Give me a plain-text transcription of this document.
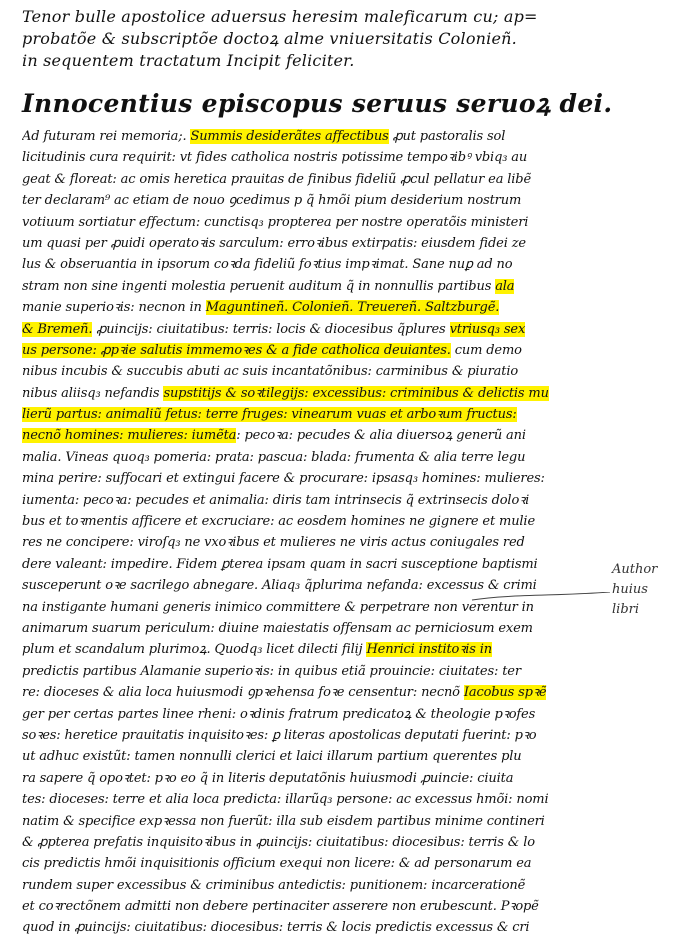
Tenor bulle apostolice aduersus heresim maleficarum cu; ap=
probatõe & subscriptõe doctoꝝ alme vniuersitatis Colonieñ.
in sequentem tractatum Incipit feliciter.
Innocentius episcopus seruus seruoꝝ dei.
Ad futuram rei memoria;. Summis desiderãtes affectibus ꝓut pastoralis sol
licitudinis cura requirit: vt fides catholica nostris potissime tempoꝛibꝰ vbiq₃ au
geat & floreat: ac omis heretica prauitas de finibus fideliũ ꝓcul pellatur ea libẽ
ter declaram⁹ ac etiam de nouo ꝯcedimus p q̃ hmõi pium desiderium nostrum
votiuum sortiatur effectum: cunctisq₃ propterea per nostre operatõis ministeri
um quasi per ꝓuidi operatoꝛis sarculum: erroꝛibus extirpatis: eiusdem fidei ze
lus & obseruantia in ipsorum coꝛda fideliũ foꝛtius impꝛimat. Sane nuꝑ ad no
stram non sine ingenti molestia peruenit auditum q̃ in nonnullis partibus ala
manie superioꝛis: necnon in Maguntineñ. Colonieñ. Treuereñ. Saltzburgẽ.
& Bremeñ. ꝓuincijs: ciuitatibus: terris: locis & diocesibus q̃plures vtriusq₃ sex
us persone: ꝓpꝛie salutis immemoꝛes & a fide catholica deuiantes. cum demo
nibus incubis & succubis abuti ac suis incantatõnibus: carminibus & piuratio
nibus aliisq₃ nefandis supstitijs & soꝛtilegijs: excessibus: criminibus & delictis mu
lierũ partus: animaliũ fetus: terre fruges: vinearum vuas et arboꝛum fructus:
necnõ homines: mulieres: iumẽta: pecoꝛa: pecudes & alia diuersoꝝ generũ ani
malia. Vineas quoq₃ pomeria: prata: pascua: blada: frumenta & alia terre legu
mina perire: suffocari et extingui facere & procurare: ipsasq₃ homines: mulieres:
iumenta: pecoꝛa: pecudes et animalia: diris tam intrinsecis q̃ extrinsecis doloꝛi
bus et toꝛmentis afficere et excruciare: ac eosdem homines ne gignere et mulie
res ne concipere: viroſq₃ ne vxoꝛibus et mulieres ne viris actus coniugales red
dere valeant: impedire. Fidem ꝑterea ipsam quam in sacri susceptione baptismi
susceperunt oꝛe sacrilego abnegare. Aliaq₃ q̃plurima nefanda: excessus & crimi
na instigante humani generis inimico committere & perpetrare non verentur in
animarum suarum periculum: diuine maiestatis offensam ac perniciosum exem
plum et scandalum plurimoꝝ. Quodq₃ licet dilecti filij Henrici institoꝛis in
predictis partibus Alamanie superioꝛis: in quibus etiã prouincie: ciuitates: ter
re: dioceses & alia loca huiusmodi ꝯpꝛehensa foꝛe censentur: necnõ Iacobus spꝛẽ
ger per certas partes linee rheni: oꝛdinis fratrum predicatoꝝ & theologie pꝛofes
soꝛes: heretice prauitatis inquisitoꝛes: ꝑ literas apostolicas deputati fuerint: pꝛo
ut adhuc existũt: tamen nonnulli clerici et laici illarum partium querentes plu
ra sapere q̃ opoꝛtet: pꝛo eo q̃ in literis deputatõnis huiusmodi ꝓuincie: ciuita
tes: dioceses: terre et alia loca predicta: illarũq₃ persone: ac excessus hmõi: nomi
natim & specifice expꝛessa non fuerũt: illa sub eisdem partibus minime contineri
& ꝓpterea prefatis inquisitoꝛibus in ꝓuincijs: ciuitatibus: diocesibus: terris & lo
cis predictis hmõi inquisitionis officium exequi non licere: & ad personarum ea
rundem super excessibus & criminibus antedictis: punitionem: incarcerationẽ
et coꝛrectõnem admitti non debere pertinaciter asserere non erubescunt. Pꝛopẽ
quod in ꝓuincijs: ciuitatibus: diocesibus: terris & locis predictis excessus & cri
Author
huius
libri
